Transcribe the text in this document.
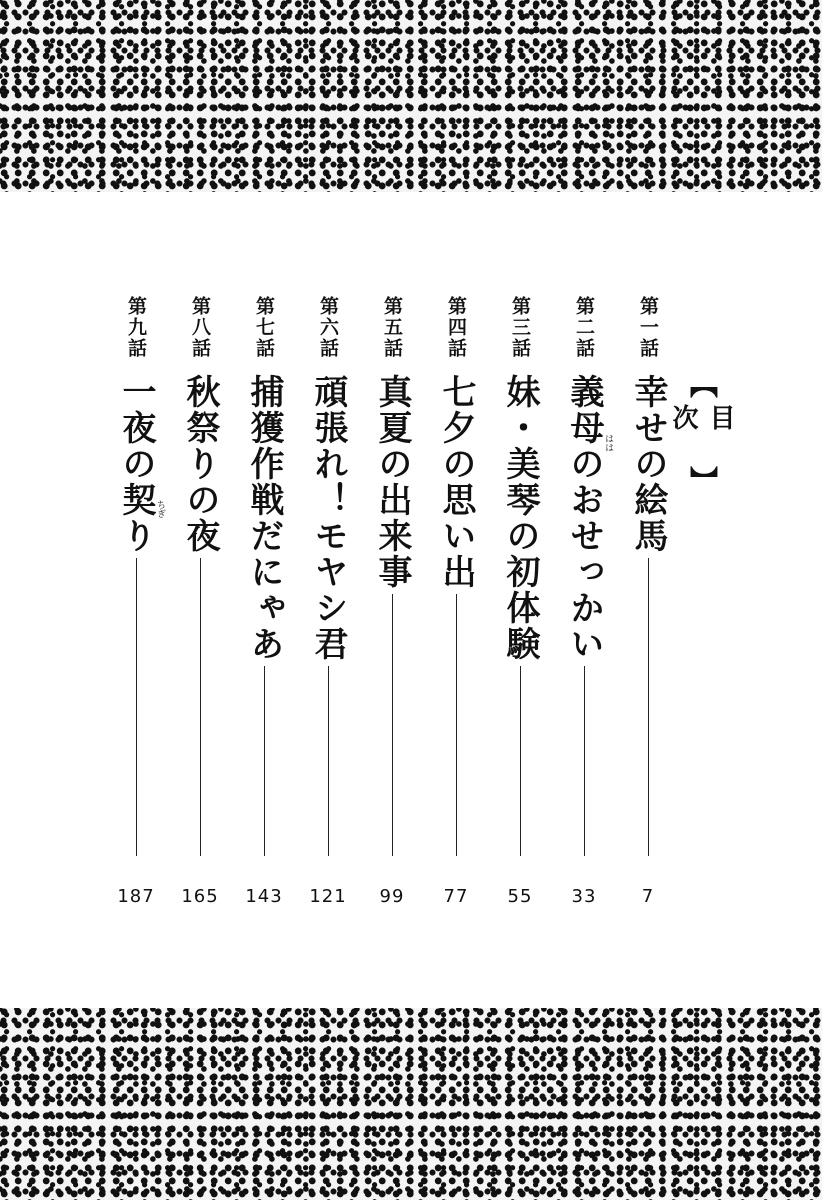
【
目 次
】
第一話
幸せの絵馬
7
第二話
義母のおせっかい
33
第三話
妹・美琴の初体験
55
第四話
七夕の思い出
77
第五話
真夏の出来事
99
第六話
頑張れ！モヤシ君
121
第七話
捕獲作戦だにゃあ
143
第八話
秋祭りの夜
165
第九話
一夜の契り
187
はは
ちぎ
